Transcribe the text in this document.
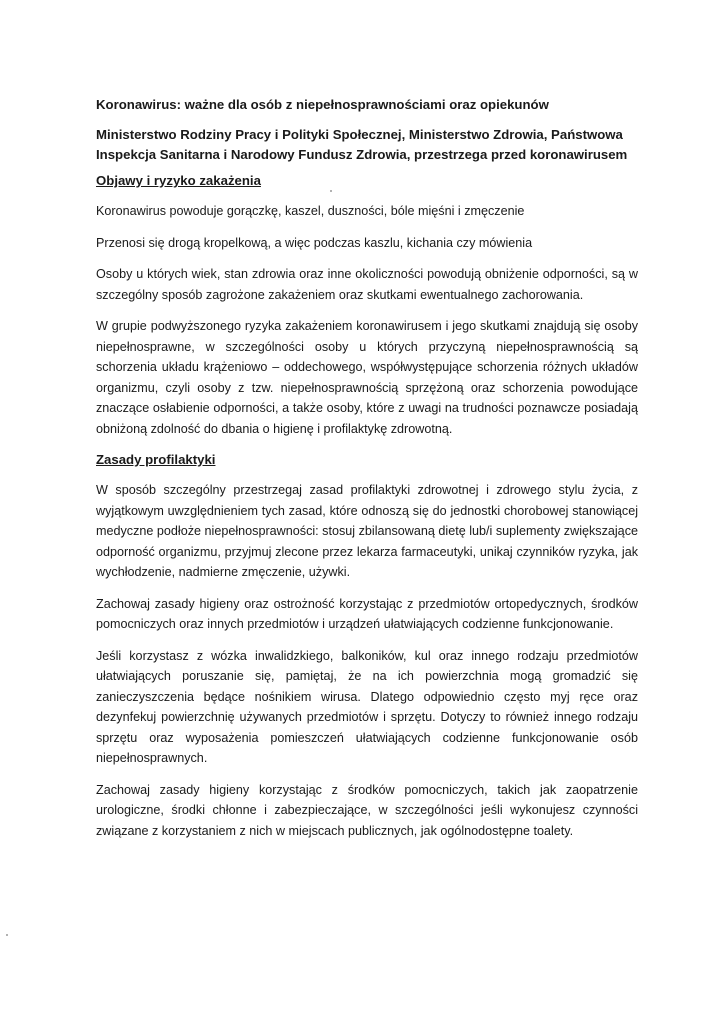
Koronawirus: ważne dla osób z niepełnosprawnościami oraz opiekunów
Ministerstwo Rodziny Pracy i Polityki Społecznej, Ministerstwo Zdrowia, Państwowa Inspekcja Sanitarna i Narodowy Fundusz Zdrowia, przestrzega przed koronawirusem
Objawy i ryzyko zakażenia

Koronawirus powoduje gorączkę, kaszel, duszności, bóle mięśni i zmęczenie

Przenosi się drogą kropelkową, a więc podczas kaszlu, kichania czy mówienia

Osoby u których wiek, stan zdrowia oraz inne okoliczności powodują obniżenie odporności, są w szczególny sposób zagrożone zakażeniem oraz skutkami ewentualnego zachorowania.

W grupie podwyższonego ryzyka zakażeniem koronawirusem i jego skutkami znajdują się osoby niepełnosprawne, w szczególności osoby u których przyczyną niepełnosprawnością są schorzenia układu krążeniowo – oddechowego, współwystępujące schorzenia różnych układów organizmu, czyli osoby z tzw. niepełnosprawnością sprzężoną oraz schorzenia powodujące znaczące osłabienie odporności, a także osoby, które z uwagi na trudności poznawcze posiadają obniżoną zdolność do dbania o higienę i profilaktykę zdrowotną.

Zasady profilaktyki

W sposób szczególny przestrzegaj zasad profilaktyki zdrowotnej i zdrowego stylu życia, z wyjątkowym uwzględnieniem tych zasad, które odnoszą się do jednostki chorobowej stanowiącej medyczne podłoże niepełnosprawności: stosuj zbilansowaną dietę lub/i suplementy zwiększające odporność organizmu, przyjmuj zlecone przez lekarza farmaceutyki, unikaj czynników ryzyka, jak wychłodzenie, nadmierne zmęczenie, używki.

Zachowaj zasady higieny oraz ostrożność korzystając z przedmiotów ortopedycznych, środków pomocniczych oraz innych przedmiotów i urządzeń ułatwiających codzienne funkcjonowanie.

Jeśli korzystasz z wózka inwalidzkiego, balkoników, kul oraz innego rodzaju przedmiotów ułatwiających poruszanie się, pamiętaj, że na ich powierzchnia mogą gromadzić się zanieczyszczenia będące nośnikiem wirusa. Dlatego odpowiednio często myj ręce oraz dezynfekuj powierzchnię używanych przedmiotów i sprzętu. Dotyczy to również innego rodzaju sprzętu oraz wyposażenia pomieszczeń ułatwiających codzienne funkcjonowanie osób niepełnosprawnych.

Zachowaj zasady higieny korzystając z środków pomocniczych, takich jak zaopatrzenie urologiczne, środki chłonne i zabezpieczające, w szczególności jeśli wykonujesz czynności związane z korzystaniem z nich w miejscach publicznych, jak ogólnodostępne toalety.
